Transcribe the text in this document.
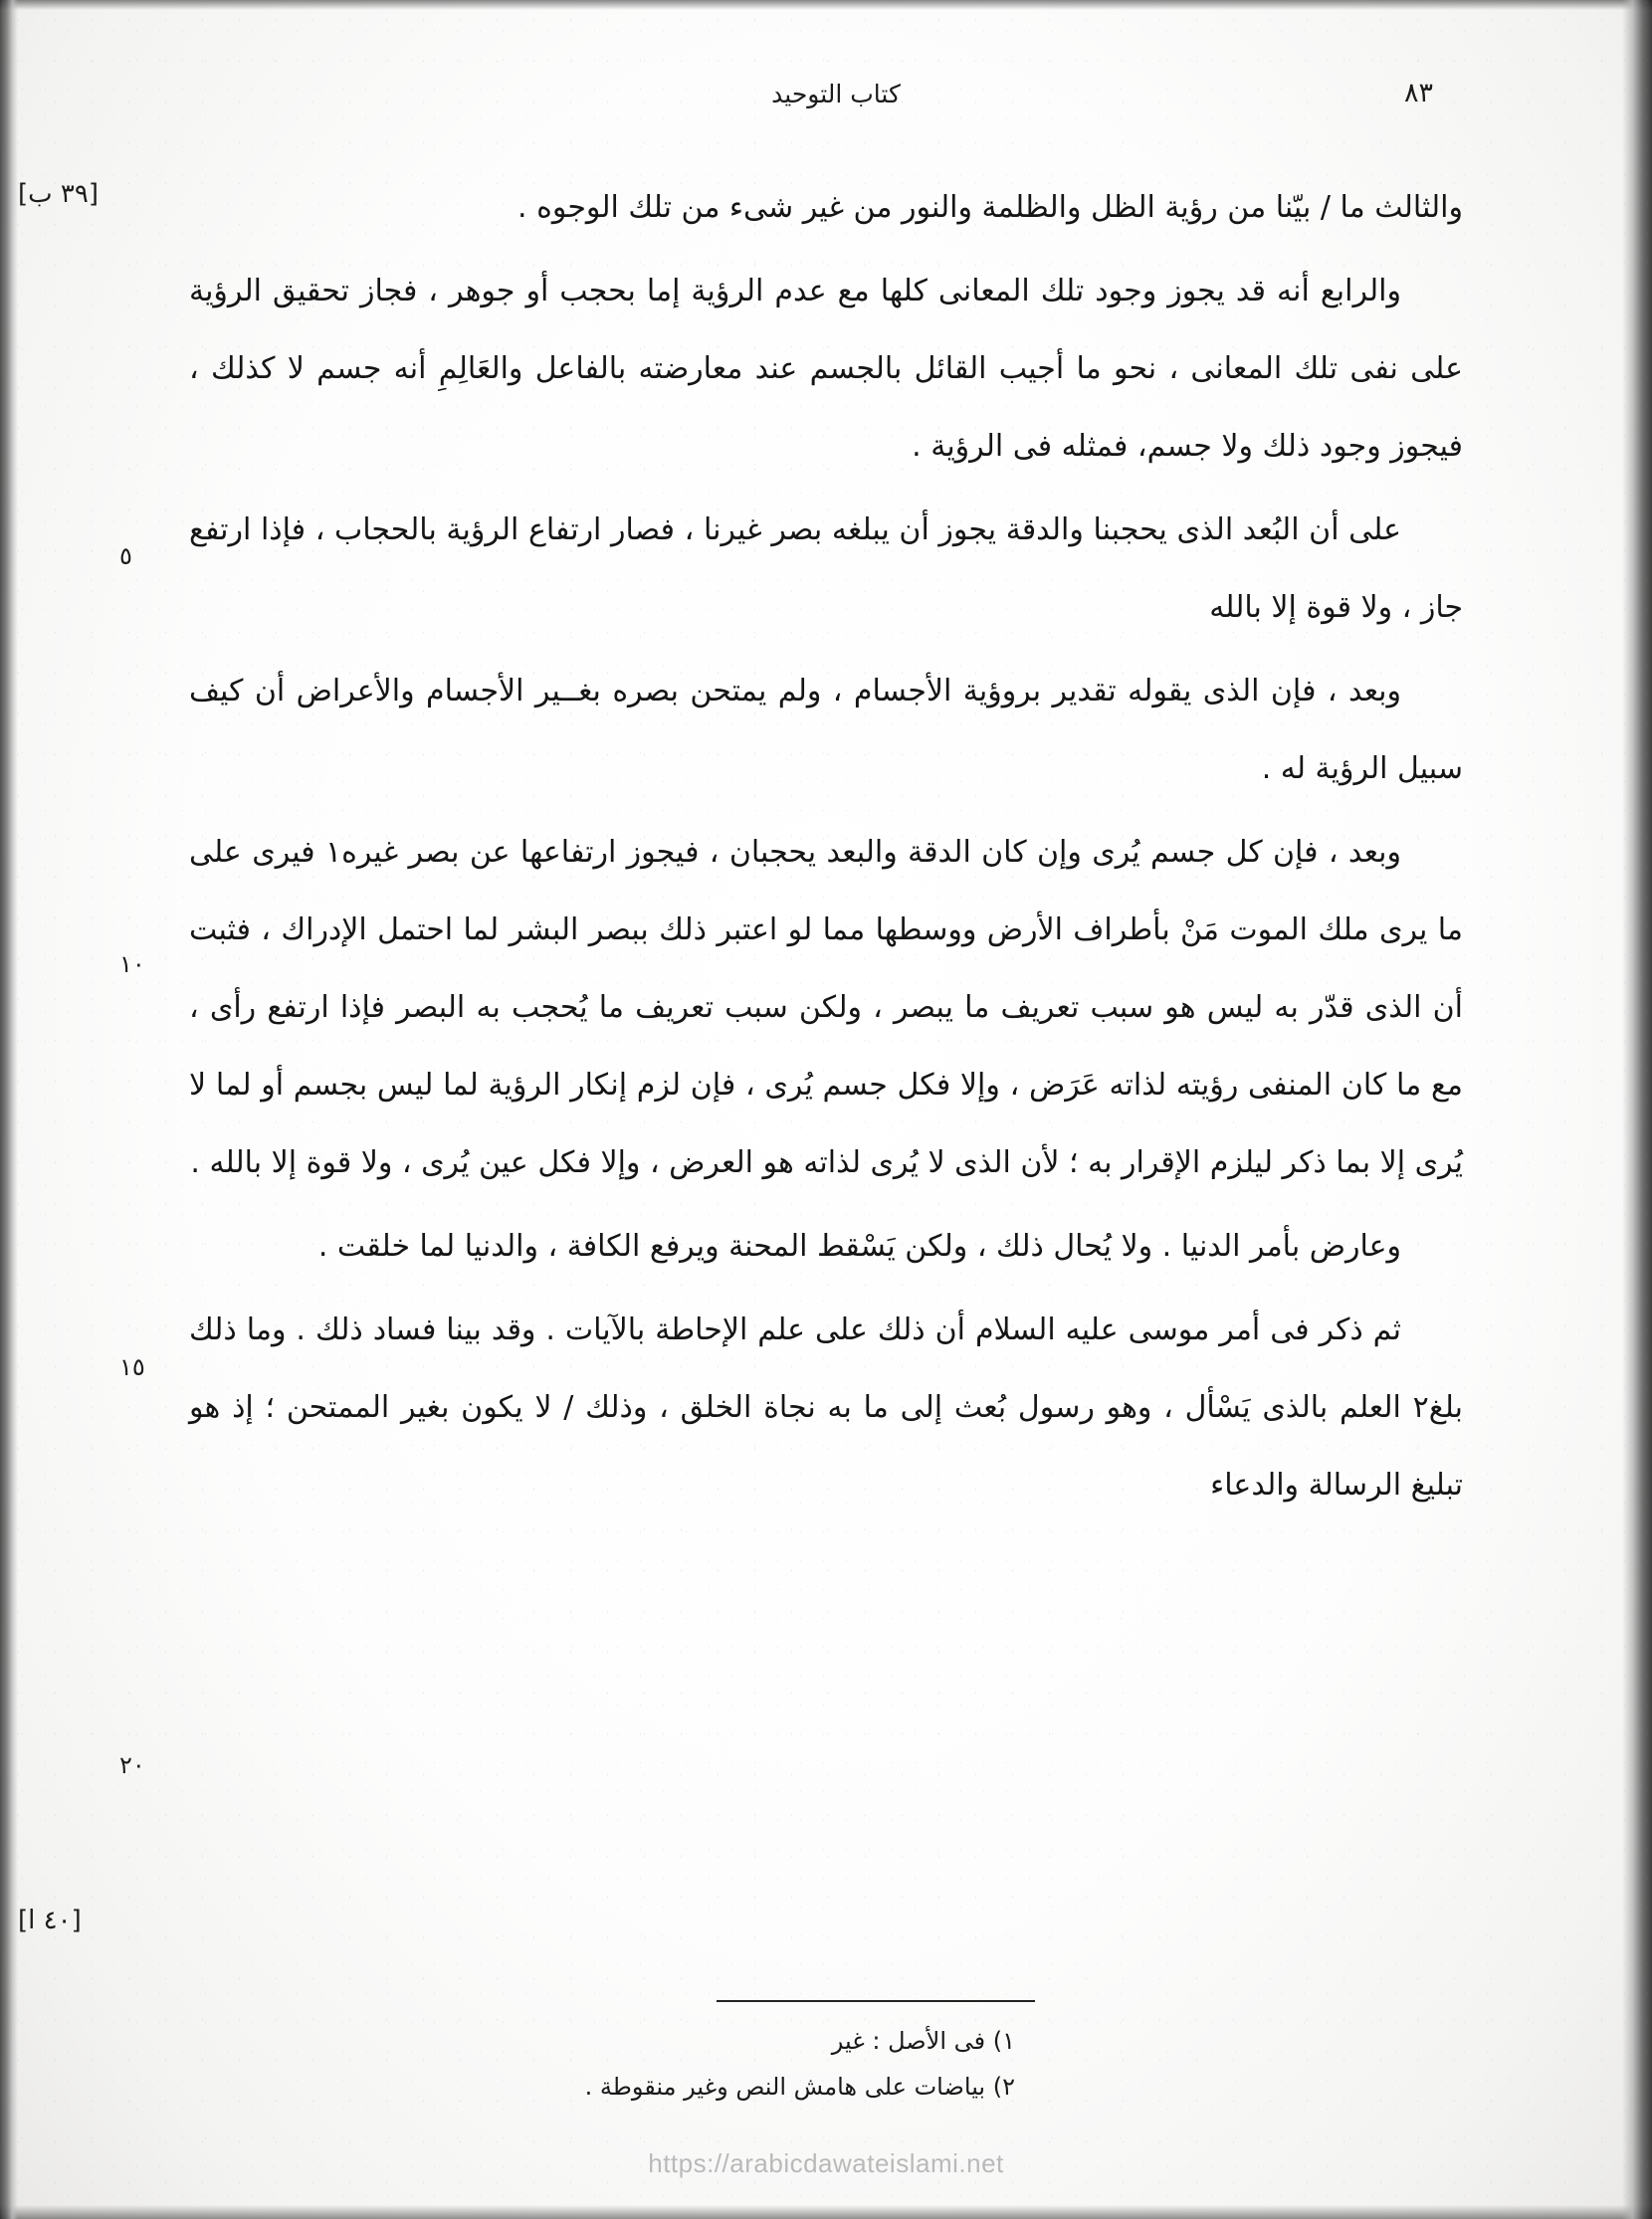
٨٣
كتاب التوحيد
[٣٩ ب]
[٤٠ ا]
٥
١٠
١٥
٢٠

والثالث ما / بيّنا من رؤية الظل والظلمة والنور من غير شىء من تلك الوجوه .

والرابع أنه قد يجوز وجود تلك المعانى كلها مع عدم الرؤية إما بحجب أو جوهر ، فجاز تحقيق الرؤية على نفى تلك المعانى ، نحو ما أجيب القائل بالجسم عند معارضته بالفاعل والعَالِمِ أنه جسم لا كذلك ، فيجوز وجود ذلك ولا جسم، فمثله فى الرؤية .

على أن البُعد الذى يحجبنا والدقة يجوز أن يبلغه بصر غيرنا ، فصار ارتفاع الرؤية بالحجاب ، فإذا ارتفع جاز ، ولا قوة إلا بالله

وبعد ، فإن الذى يقوله تقدير بروؤية الأجسام ، ولم يمتحن بصره بغــير الأجسام والأعراض أن كيف سبيل الرؤية له .

وبعد ، فإن كل جسم يُرى وإن كان الدقة والبعد يحجبان ، فيجوز ارتفاعها عن بصر غيره١ فيرى على ما يرى ملك الموت مَنْ بأطراف الأرض ووسطها مما لو اعتبر ذلك ببصر البشر لما احتمل الإدراك ، فثبت أن الذى قدّر به ليس هو سبب تعريف ما يبصر ، ولكن سبب تعريف ما يُحجب به البصر فإذا ارتفع رأى ، مع ما كان المنفى رؤيته لذاته عَرَض ، وإلا فكل جسم يُرى ، فإن لزم إنكار الرؤية لما ليس بجسم أو لما لا يُرى إلا بما ذكر ليلزم الإقرار به ؛ لأن الذى لا يُرى لذاته هو العرض ، وإلا فكل عين يُرى ، ولا قوة إلا بالله .

وعارض بأمر الدنيا . ولا يُحال ذلك ، ولكن يَسْقط المحنة ويرفع الكافة ، والدنيا لما خلقت .

ثم ذكر فى أمر موسى عليه السلام أن ذلك على علم الإحاطة بالآيات . وقد بينا فساد ذلك . وما ذلك بلغ٢ العلم بالذى يَسْأل ، وهو رسول بُعث إلى ما به نجاة الخلق ، وذلك / لا يكون بغير الممتحن ؛ إذ هو تبليغ الرسالة والدعاء

١) فى الأصل : غير

٢) بياضات على هامش النص وغير منقوطة .

https://arabicdawateislami.net
